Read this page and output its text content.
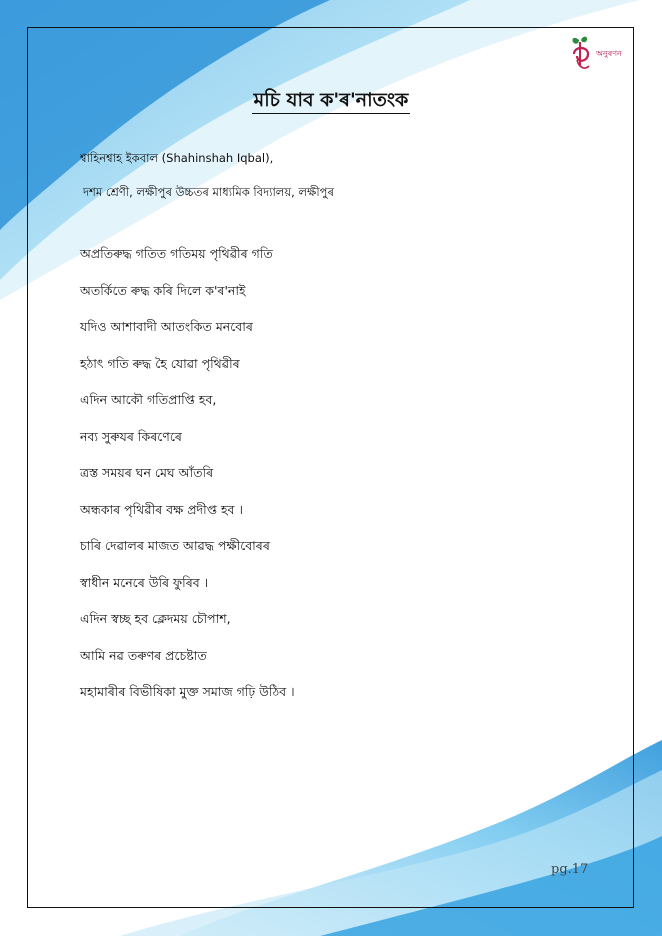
অনুৰণন
মচি যাব ক'ৰ'নাতংক
শ্বাহিনশ্বাহ ইকবাল (Shahinshah Iqbal),
দশম শ্ৰেণী, লক্ষীপুৰ উচ্চতৰ মাধ্যমিক বিদ্যালয়, লক্ষীপুৰ
অপ্ৰতিৰুদ্ধ গতিত গতিময় পৃথিৱীৰ গতি
অতৰ্কিতে ৰুদ্ধ কৰি দিলে ক'ৰ'নাই
যদিও আশাবাদী আতংকিত মনবোৰ
হঠাৎ গতি ৰুদ্ধ হৈ যোৱা পৃথিৱীৰ
এদিন আকৌ গতিপ্ৰাপ্তি হব,
নব্য সুৰুযৰ কিৰণেৰে
ত্ৰস্ত সময়ৰ ঘন মেঘ আঁতৰি
অন্ধকাৰ পৃথিৱীৰ বক্ষ প্ৰদীপ্ত হব ।
চাৰি দেৱালৰ মাজত আৱদ্ধ পক্ষীবোৰৰ
স্বাধীন মনেৰে উৰি ফুৰিব ।
এদিন স্বচ্ছ হব ক্লেদময় চৌপাশ,
আমি নৱ তৰুণৰ প্ৰচেষ্টাত
মহামাৰীৰ বিভীষিকা মুক্ত সমাজ গঢ়ি উঠিব ।
pg.17
